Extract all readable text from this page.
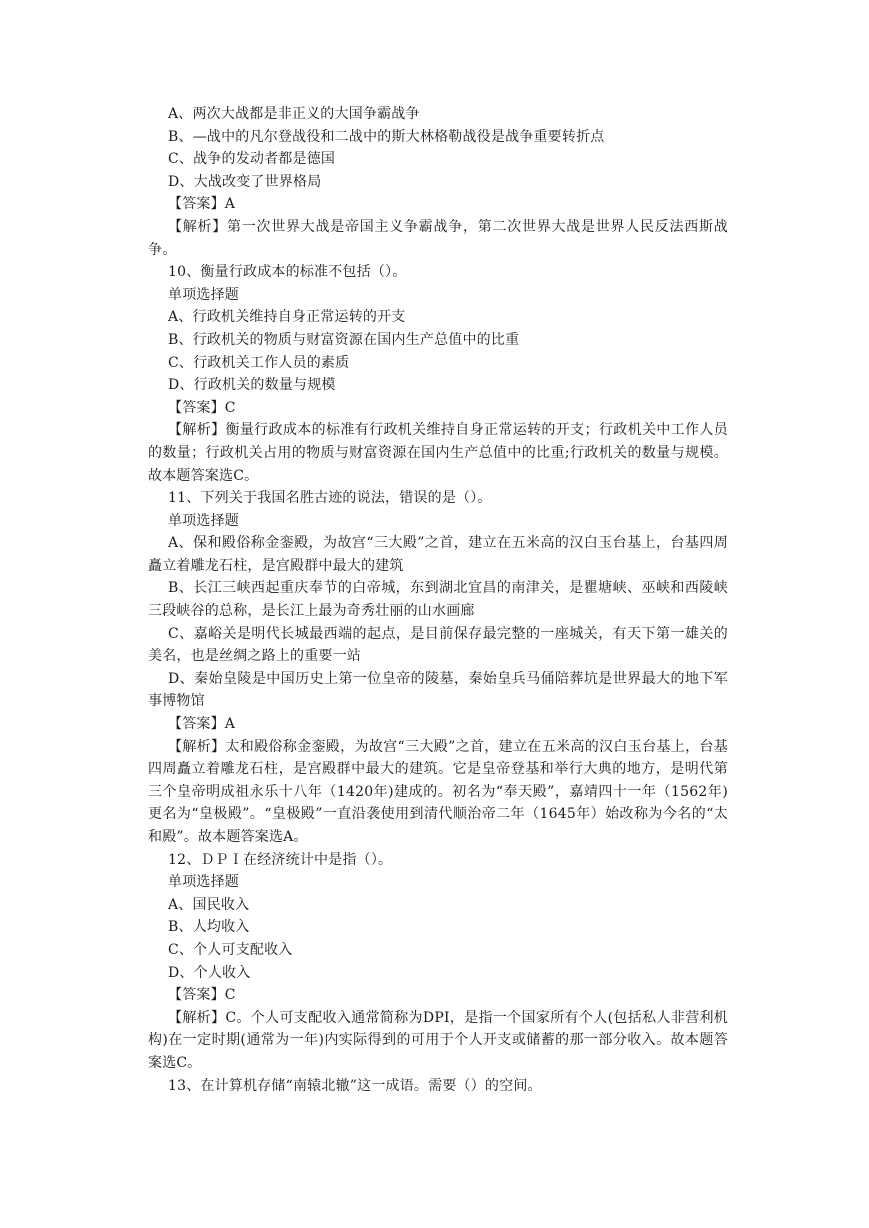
A、两次大战都是非正义的大国争霸战争
B、—战中的凡尔登战役和二战中的斯大林格勒战役是战争重要转折点
C、战争的发动者都是德国
D、大战改变了世界格局
【答案】A
【解析】第一次世界大战是帝国主义争霸战争，第二次世界大战是世界人民反法西斯战争。
10、衡量行政成本的标准不包括（）。
单项选择题
A、行政机关维持自身正常运转的开支
B、行政机关的物质与财富资源在国内生产总值中的比重
C、行政机关工作人员的素质
D、行政机关的数量与规模
【答案】C
【解析】衡量行政成本的标准有行政机关维持自身正常运转的开支；行政机关中工作人员的数量；行政机关占用的物质与财富资源在国内生产总值中的比重;行政机关的数量与规模。故本题答案选C。
11、下列关于我国名胜古迹的说法，错误的是（）。
单项选择题
A、保和殿俗称金銮殿，为故宫“三大殿”之首，建立在五米高的汉白玉台基上，台基四周矗立着雕龙石柱，是宫殿群中最大的建筑
B、长江三峡西起重庆奉节的白帝城，东到湖北宜昌的南津关，是瞿塘峡、巫峡和西陵峡三段峡谷的总称，是长江上最为奇秀壮丽的山水画廊
C、嘉峪关是明代长城最西端的起点，是目前保存最完整的一座城关，有天下第一雄关的美名，也是丝绸之路上的重要一站
D、秦始皇陵是中国历史上第一位皇帝的陵墓，秦始皇兵马俑陪葬坑是世界最大的地下军事博物馆
【答案】A
【解析】太和殿俗称金銮殿，为故宫“三大殿”之首，建立在五米高的汉白玉台基上，台基四周矗立着雕龙石柱，是宫殿群中最大的建筑。它是皇帝登基和举行大典的地方，是明代第三个皇帝明成祖永乐十八年（1420年)建成的。初名为“奉天殿”，嘉靖四十一年（1562年)更名为“皇极殿”。“皇极殿”一直沿袭使用到清代顺治帝二年（1645年）始改称为今名的“太和殿”。故本题答案选A。
12、ＤＰＩ在经济统计中是指（）。
单项选择题
A、国民收入
B、人均收入
C、个人可支配收入
D、个人收入
【答案】C
【解析】C。个人可支配收入通常简称为DPI，是指一个国家所有个人(包括私人非营利机构)在一定时期(通常为一年)内实际得到的可用于个人开支或储蓄的那一部分收入。故本题答案选C。
13、在计算机存储“南辕北辙”这一成语。需要（）的空间。
